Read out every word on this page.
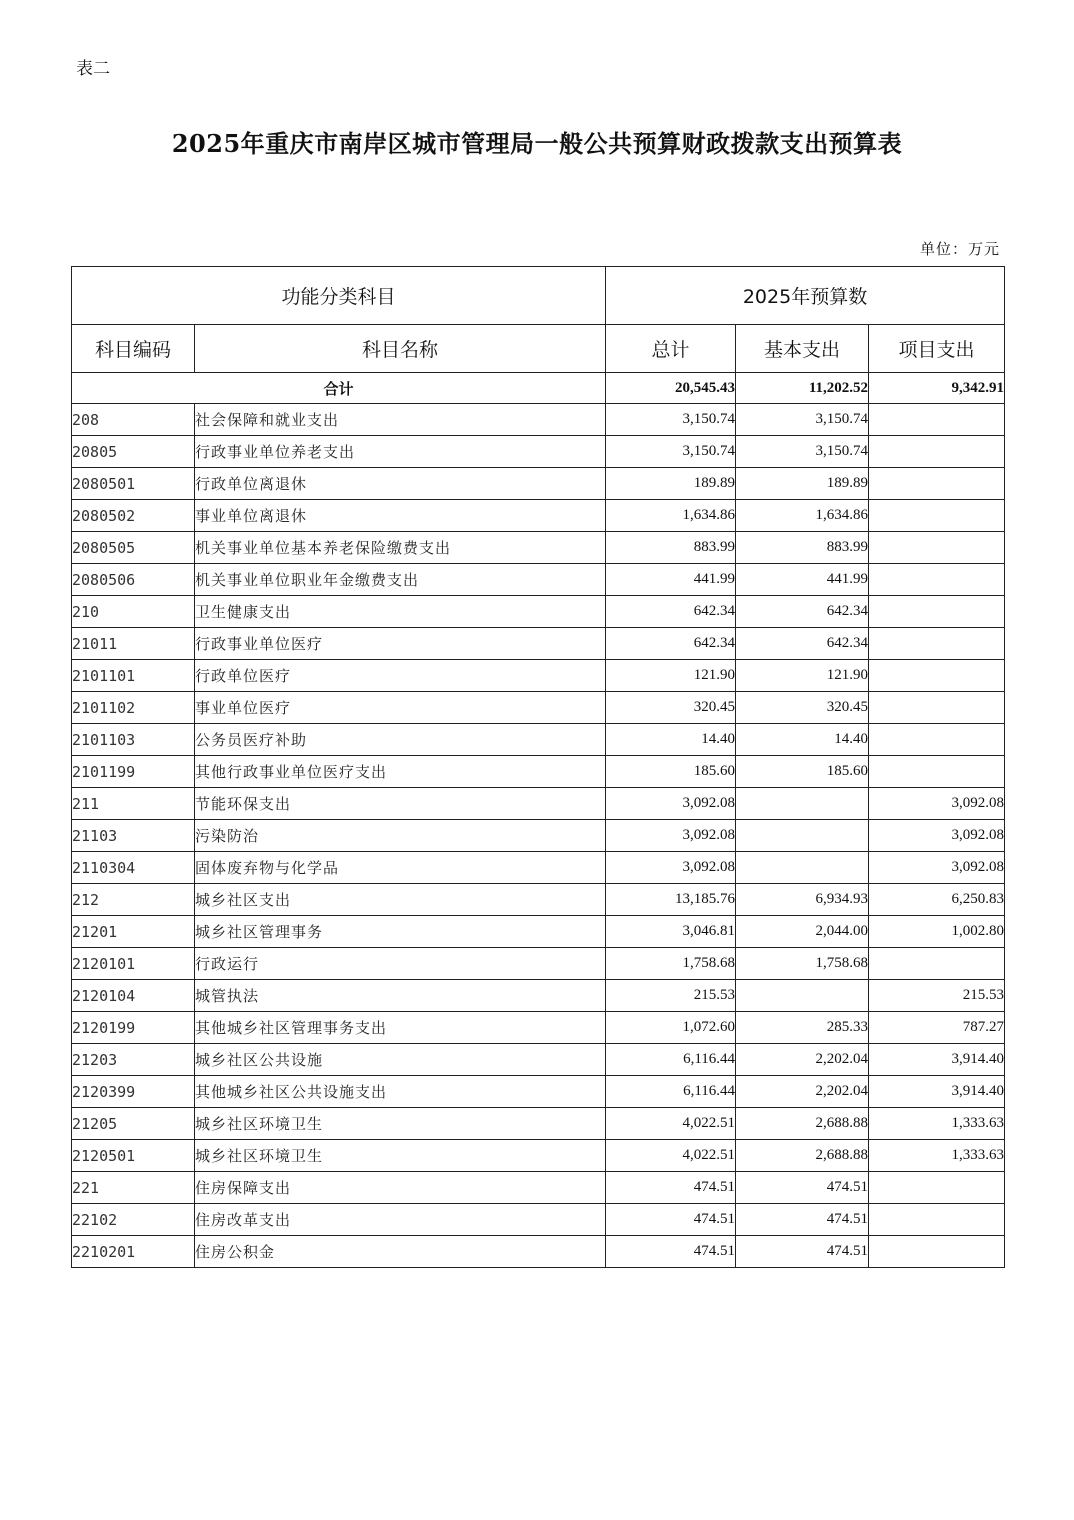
表二
2025年重庆市南岸区城市管理局一般公共预算财政拨款支出预算表
单位：万元
功能分类科目		2025年预算数		
科目编码	科目名称	总计	基本支出	项目支出
合计		20,545.43	11,202.52	9,342.91
208	社会保障和就业支出	3,150.74	3,150.74	
20805	行政事业单位养老支出	3,150.74	3,150.74	
2080501	行政单位离退休	189.89	189.89	
2080502	事业单位离退休	1,634.86	1,634.86	
2080505	机关事业单位基本养老保险缴费支出	883.99	883.99	
2080506	机关事业单位职业年金缴费支出	441.99	441.99	
210	卫生健康支出	642.34	642.34	
21011	行政事业单位医疗	642.34	642.34	
2101101	行政单位医疗	121.90	121.90	
2101102	事业单位医疗	320.45	320.45	
2101103	公务员医疗补助	14.40	14.40	
2101199	其他行政事业单位医疗支出	185.60	185.60	
211	节能环保支出	3,092.08		3,092.08
21103	污染防治	3,092.08		3,092.08
2110304	固体废弃物与化学品	3,092.08		3,092.08
212	城乡社区支出	13,185.76	6,934.93	6,250.83
21201	城乡社区管理事务	3,046.81	2,044.00	1,002.80
2120101	行政运行	1,758.68	1,758.68	
2120104	城管执法	215.53		215.53
2120199	其他城乡社区管理事务支出	1,072.60	285.33	787.27
21203	城乡社区公共设施	6,116.44	2,202.04	3,914.40
2120399	其他城乡社区公共设施支出	6,116.44	2,202.04	3,914.40
21205	城乡社区环境卫生	4,022.51	2,688.88	1,333.63
2120501	城乡社区环境卫生	4,022.51	2,688.88	1,333.63
221	住房保障支出	474.51	474.51	
22102	住房改革支出	474.51	474.51	
2210201	住房公积金	474.51	474.51	
